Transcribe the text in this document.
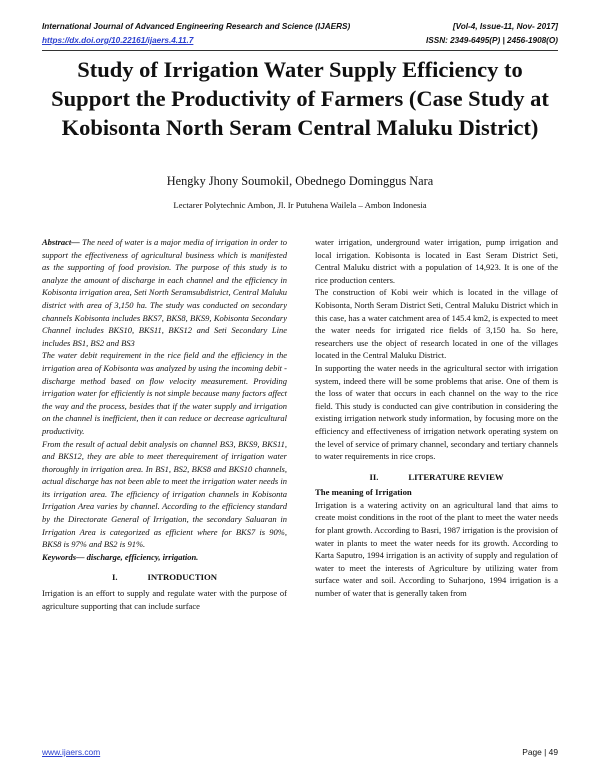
International Journal of Advanced Engineering Research and Science (IJAERS)	[Vol-4, Issue-11, Nov- 2017]
https://dx.doi.org/10.22161/ijaers.4.11.7	ISSN: 2349-6495(P) | 2456-1908(O)
Study of Irrigation Water Supply Efficiency to Support the Productivity of Farmers (Case Study at Kobisonta North Seram Central Maluku District)

Hengky Jhony Soumokil, Obednego Dominggus Nara

Lectarer Polytechnic Ambon, Jl. Ir Putuhena Wailela – Ambon Indonesia

Abstract— The need of water is a major media of irrigation in order to support the effectiveness of agricultural business which is manifested as the supporting of food provision. The purpose of this study is to analyze the amount of discharge in each channel and the efficiency in Kobisonta irrigation area, Seti North Seramsubdistrict, Central Maluku district with area of 3,150 ha. The study was conducted on secondary channels Kobisonta includes BKS7, BKS8, BKS9, Kobisonta Secondary Channel includes BKS10, BKS11, BKS12 and Seti Secondary Line includes BS1, BS2 and BS3

The water debit requirement in the rice field and the efficiency in the irrigation area of Kobisonta was analyzed by using the incoming debit - discharge method based on flow velocity measurement. Providing irrigation water for efficiently is not simple because many factors affect the way and the process, besides that if the water supply and irrigation on the channel is inefficient, then it can reduce or decrease agricultural productivity.

From the result of actual debit analysis on channel BS3, BKS9, BKS11, and BKS12, they are able to meet therequirement of irrigation water thoroughly in irrigation area. In BS1, BS2, BKS8 and BKS10 channels, actual discharge has not been able to meet the irrigation water needs in its irrigation area. The efficiency of irrigation channels in Kobisonta Irrigation Area varies by channel. According to the efficiency standard by the Directorate General of Irrigation, the secondary Saluaran in Irrigation Area is categorized as efficient where for BKS7 is 90%, BKS8 is 97% and BS2 is 91%.

Keywords— discharge, efficiency, irrigation.

I.	INTRODUCTION

Irrigation is an effort to supply and regulate water with the purpose of agriculture supporting that can include surface

water irrigation, underground water irrigation, pump irrigation and local irrigation. Kobisonta is located in East Seram District Seti, Central Maluku district with a population of 14,923. It is one of the rice production centers.

The construction of Kobi weir which is located in the village of Kobisonta, North Seram District Seti, Central Maluku District which in this case, has a water catchment area of 145.4 km2, is expected to meet the water needs for irrigated rice fields of 3,150 ha. So here, researchers use the object of research located in one of the villages located in the Central Maluku District.

In supporting the water needs in the agricultural sector with irrigation system, indeed there will be some problems that arise. One of them is the loss of water that occurs in each channel on the way to the rice field. This study is conducted can give contribution in considering the existing irrigation network study information, by focusing more on the efficiency and effectiveness of irrigation network operating system on the level of service of primary channel, secondary and tertiary channels to water requirements in rice crops.

II.	LITERATURE REVIEW

The meaning of Irrigation

Irrigation is a watering activity on an agricultural land that aims to create moist conditions in the root of the plant to meet the water needs for plant growth. According to Basri, 1987 irrigation is the provision of water in plants to meet the water needs for its growth. According to Karta Saputro, 1994 irrigation is an activity of supply and regulation of water to meet the interests of Agriculture by utilizing water from surface water and soil. According to Suharjono, 1994 irrigation is a number of water that is generally taken from

www.ijaers.com	Page | 49
